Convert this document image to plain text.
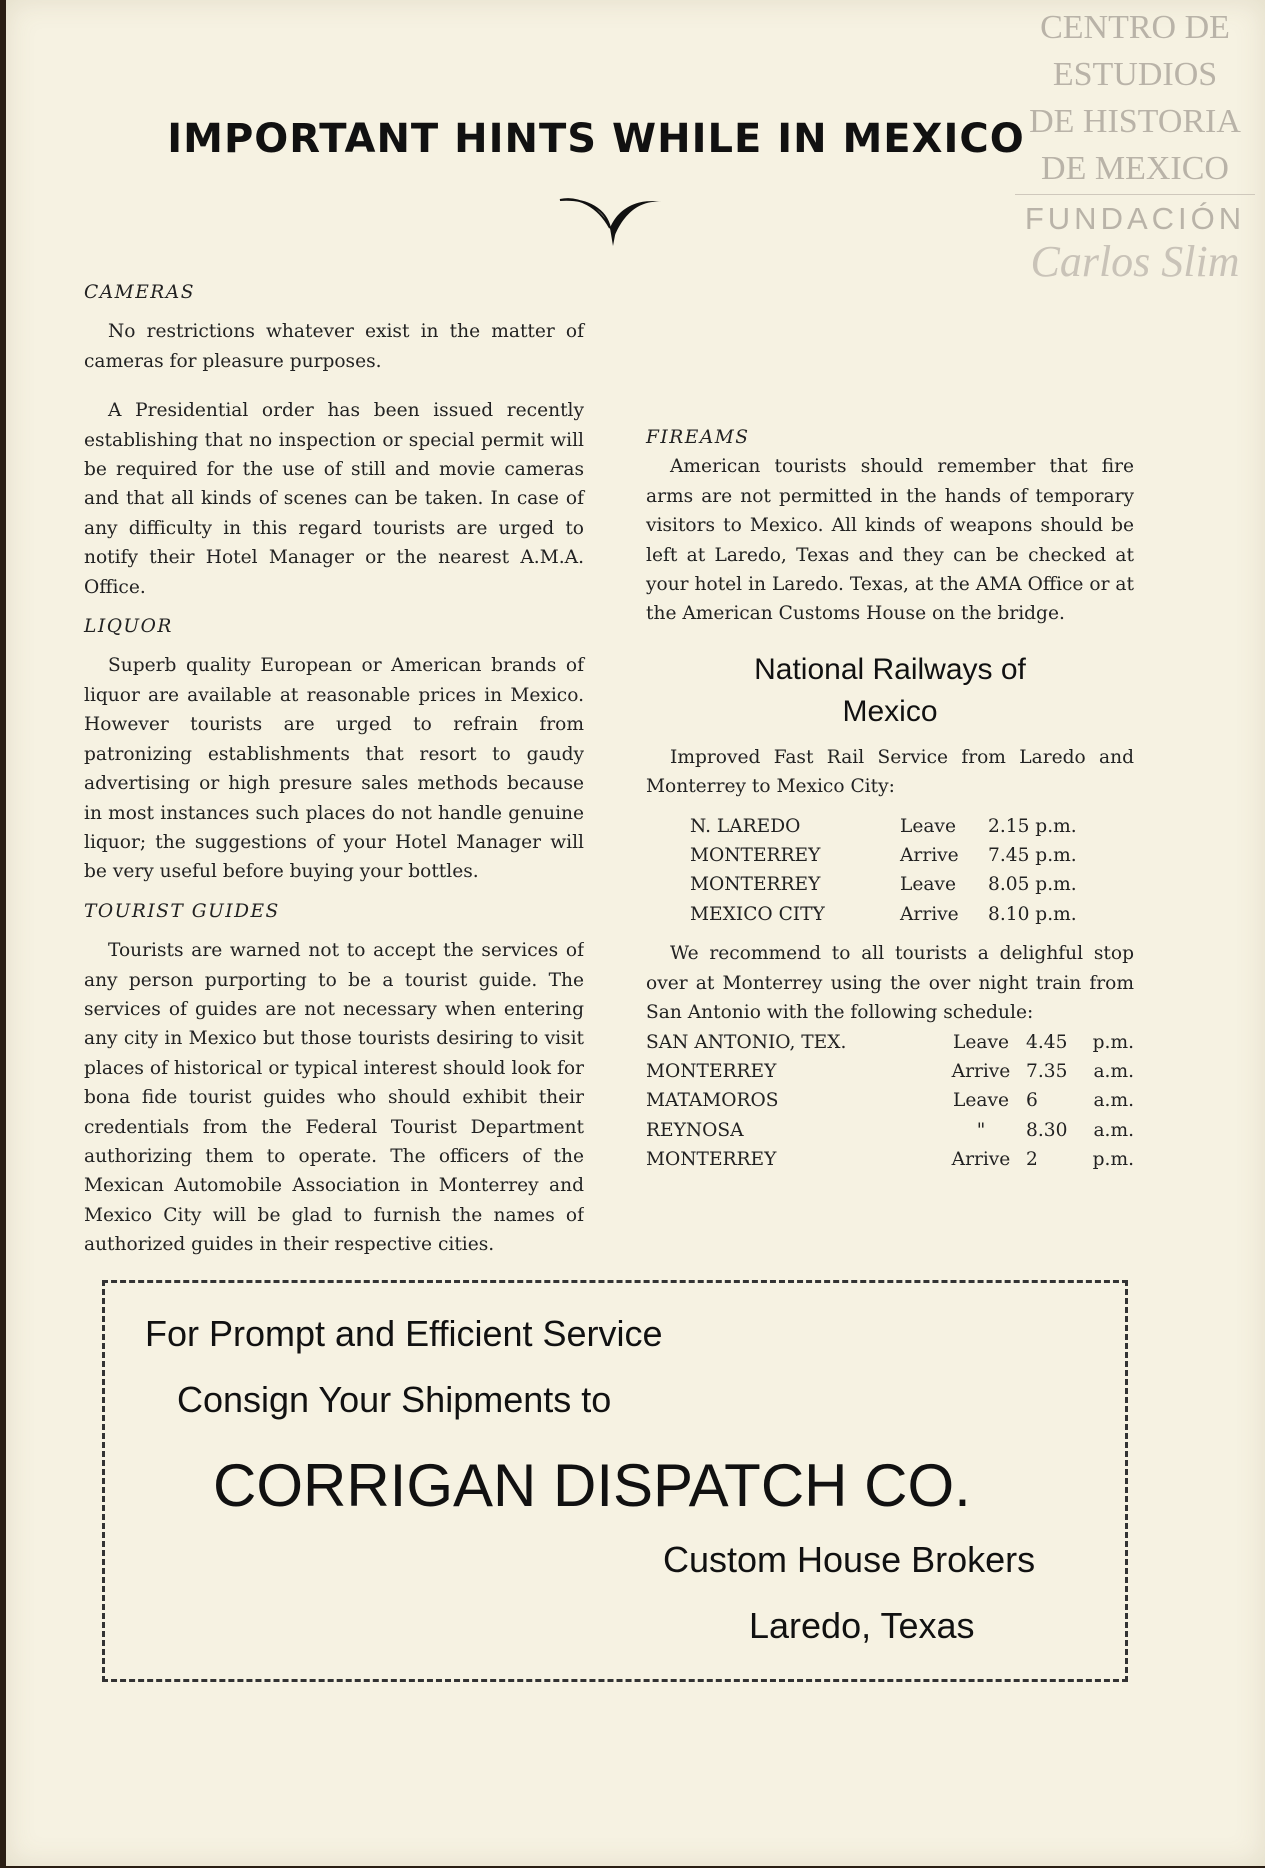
CENTRO DE
ESTUDIOS
DE HISTORIA
DE MEXICO
FUNDACIÓN
Carlos Slim
IMPORTANT HINTS WHILE IN MEXICO

CAMERAS

No restrictions whatever exist in the matter of cameras for pleasure purposes.

A Presidential order has been issued recently establishing that no inspection or special permit will be required for the use of still and movie cameras and that all kinds of scenes can be taken. In case of any difficulty in this regard tourists are urged to notify their Hotel Manager or the nearest A.M.A. Office.

LIQUOR

Superb quality European or American brands of liquor are available at reasonable prices in Mexico. However tourists are urged to refrain from patronizing establishments that resort to gaudy advertising or high presure sales methods because in most instances such places do not handle genuine liquor; the suggestions of your Hotel Manager will be very useful before buying your bottles.

TOURIST GUIDES

Tourists are warned not to accept the services of any person purporting to be a tourist guide. The services of guides are not necessary when entering any city in Mexico but those tourists desiring to visit places of historical or typical interest should look for bona fide tourist guides who should exhibit their credentials from the Federal Tourist Department authorizing them to operate. The officers of the Mexican Automobile Association in Monterrey and Mexico City will be glad to furnish the names of authorized guides in their respective cities.

FIREAMS

American tourists should remember that fire arms are not permitted in the hands of temporary visitors to Mexico. All kinds of weapons should be left at Laredo, Texas and they can be checked at your hotel in Laredo. Texas, at the AMA Office or at the American Customs House on the bridge.

National Railways of

Mexico

Improved Fast Rail Service from Laredo and Monterrey to Mexico City:

N. LAREDO	Leave	2.15 p.m.
MONTERREY	Arrive	7.45 p.m.
MONTERREY	Leave	8.05 p.m.
MEXICO CITY	Arrive	8.10 p.m.

We recommend to all tourists a delighful stop over at Monterrey using the over night train from San Antonio with the following schedule:

SAN ANTONIO, TEX.	Leave	4.45	p.m.
MONTERREY	Arrive	7.35	a.m.
MATAMOROS	Leave	6	a.m.
REYNOSA	"	8.30	a.m.
MONTERREY	Arrive	2	p.m.
For Prompt and Efficient Service
Consign Your Shipments to
CORRIGAN DISPATCH CO.
Custom House Brokers
Laredo, Texas
